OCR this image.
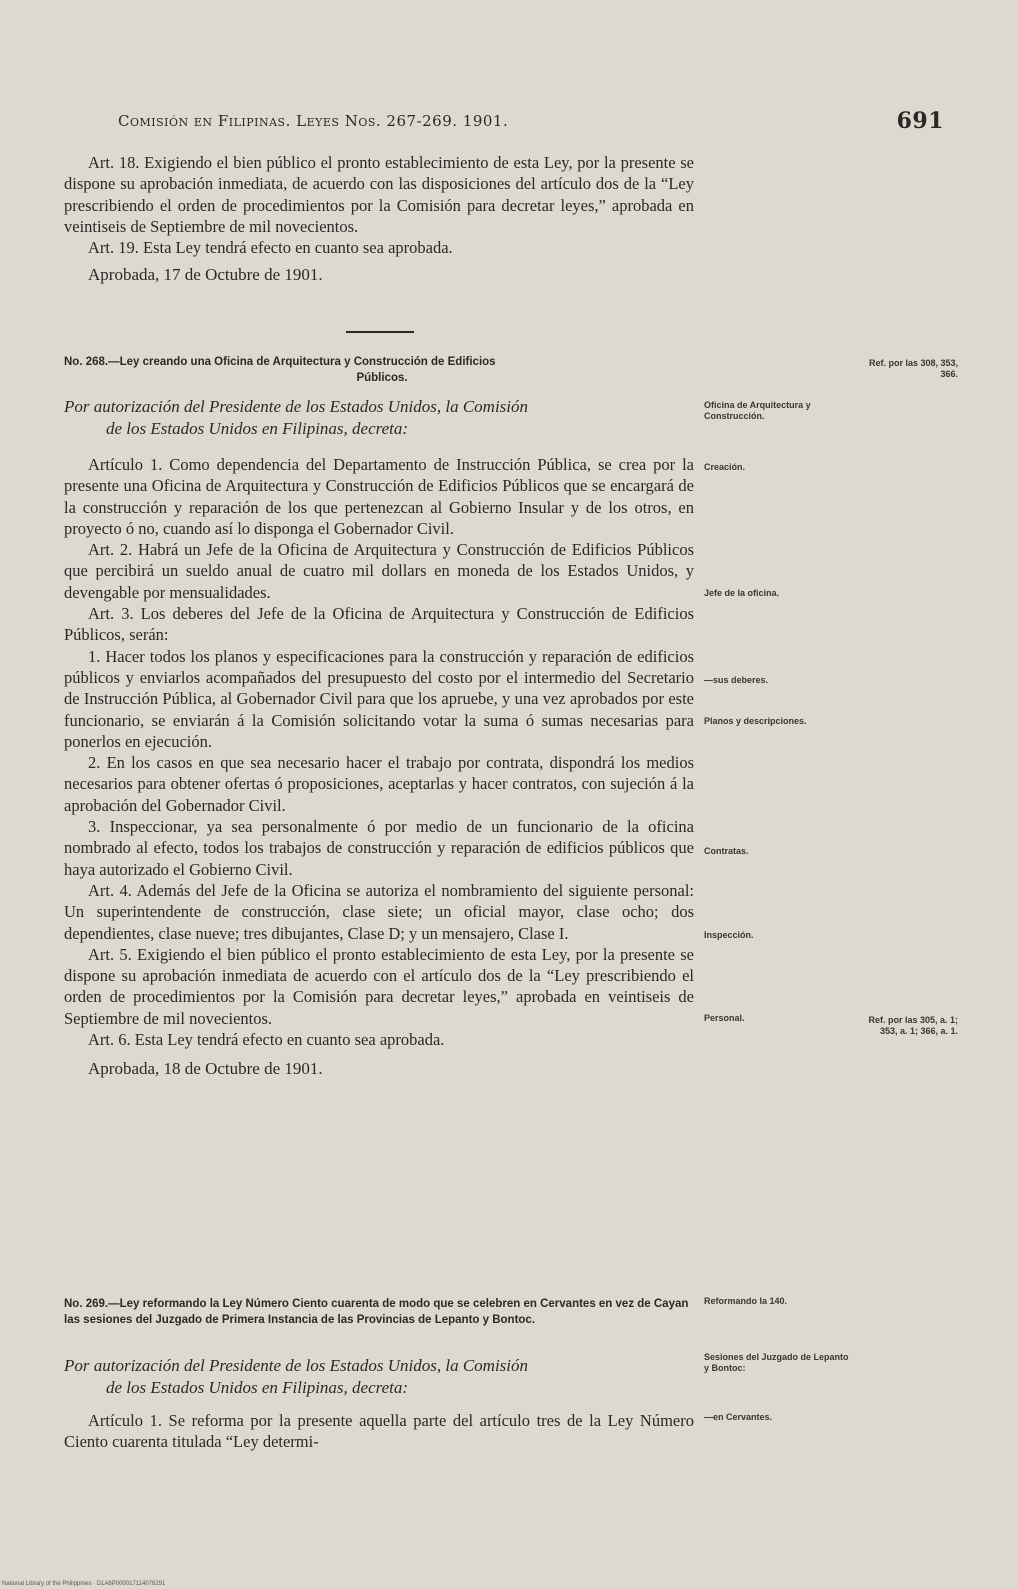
Comisión en Filipinas. Leyes Nos. 267-269. 1901.	691

Art. 18. Exigiendo el bien público el pronto establecimiento de esta Ley, por la presente se dispone su aprobación inmediata, de acuerdo con las disposiciones del artículo dos de la “Ley prescribiendo el orden de procedimientos por la Comisión para decretar leyes,” aprobada en veintiseis de Septiembre de mil novecientos.

Art. 19. Esta Ley tendrá efecto en cuanto sea aprobada.

Aprobada, 17 de Octubre de 1901.

No. 268.—Ley creando una Oficina de Arquitectura y Construcción de Edificios
Públicos.
Por autorización del Presidente de los Estados Unidos, la Comisión
de los Estados Unidos en Filipinas, decreta:

Artículo 1. Como dependencia del Departamento de Instrucción Pública, se crea por la presente una Oficina de Arquitectura y Construcción de Edificios Públicos que se encargará de la construcción y reparación de los que pertenezcan al Gobierno Insular y de los otros, en proyecto ó no, cuando así lo disponga el Gobernador Civil.

Art. 2. Habrá un Jefe de la Oficina de Arquitectura y Construcción de Edificios Públicos que percibirá un sueldo anual de cuatro mil dollars en moneda de los Estados Unidos, y devengable por mensualidades.

Art. 3. Los deberes del Jefe de la Oficina de Arquitectura y Construcción de Edificios Públicos, serán:

1. Hacer todos los planos y especificaciones para la construcción y reparación de edificios públicos y enviarlos acompañados del presupuesto del costo por el intermedio del Secretario de Instrucción Pública, al Gobernador Civil para que los apruebe, y una vez aprobados por este funcionario, se enviarán á la Comisión solicitando votar la suma ó sumas necesarias para ponerlos en ejecución.

2. En los casos en que sea necesario hacer el trabajo por contrata, dispondrá los medios necesarios para obtener ofertas ó proposiciones, aceptarlas y hacer contratos, con sujeción á la aprobación del Gobernador Civil.

3. Inspeccionar, ya sea personalmente ó por medio de un funcionario de la oficina nombrado al efecto, todos los trabajos de construcción y reparación de edificios públicos que haya autorizado el Gobierno Civil.

Art. 4. Además del Jefe de la Oficina se autoriza el nombramiento del siguiente personal: Un superintendente de construcción, clase siete; un oficial mayor, clase ocho; dos dependientes, clase nueve; tres dibujantes, Clase D; y un mensajero, Clase I.

Art. 5. Exigiendo el bien público el pronto establecimiento de esta Ley, por la presente se dispone su aprobación inmediata de acuerdo con el artículo dos de la “Ley prescribiendo el orden de procedimientos por la Comisión para decretar leyes,” aprobada en veintiseis de Septiembre de mil novecientos.

Art. 6. Esta Ley tendrá efecto en cuanto sea aprobada.

Aprobada, 18 de Octubre de 1901.

Oficina de Arquitectura y Construcción.
Creación.
Jefe de la oficina.
—sus deberes.
Planos y descripciones.
Contratas.
Inspección.
Personal.
Ref. por las 308, 353, 366.
Ref. por las 305, a. 1; 353, a. 1; 366, a. 1.
No. 269.—Ley reformando la Ley Número Ciento cuarenta de modo que se celebren en Cervantes en vez de Cayan las sesiones del Juzgado de Primera Instancia de las Provincias de Lepanto y Bontoc.
Por autorización del Presidente de los Estados Unidos, la Comisión
de los Estados Unidos en Filipinas, decreta:

Artículo 1. Se reforma por la presente aquella parte del artículo tres de la Ley Número Ciento cuarenta titulada “Ley determi-

Reformando la 140.
Sesiones del Juzgado de Lepanto y Bontoc:
—en Cervantes.
National Library of the Philippines · D1A6P000017114078291
